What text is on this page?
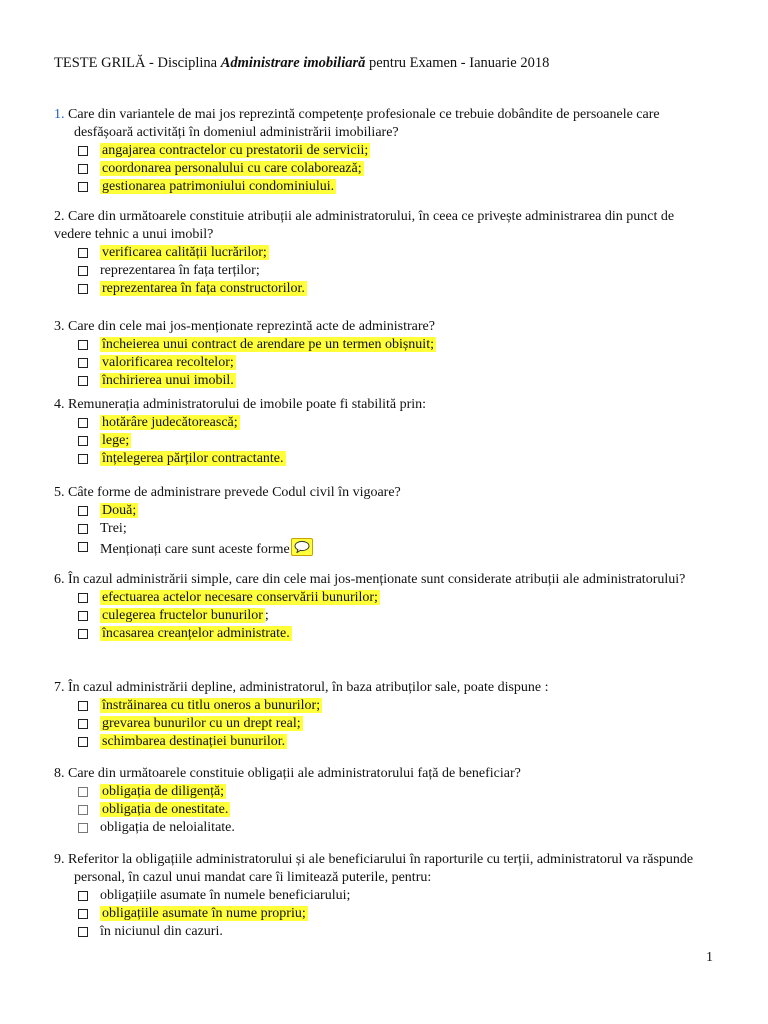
TESTE GRILĂ - Disciplina Administrare imobiliară pentru Examen - Ianuarie 2018

1. Care din variantele de mai jos reprezintă competențe profesionale ce trebuie dobândite de persoanele care desfășoară activități în domeniul administrării imobiliare?

angajarea contractelor cu prestatorii de servicii;
coordonarea personalului cu care colaborează;
gestionarea patrimoniului condominiului.

2. Care din următoarele constituie atribuții ale administratorului, în ceea ce privește administrarea din punct de vedere tehnic a unui imobil?

verificarea calității lucrărilor;
reprezentarea în fața terților;
reprezentarea în fața constructorilor.

3. Care din cele mai jos-menționate reprezintă acte de administrare?

încheierea unui contract de arendare pe un termen obișnuit;
valorificarea recoltelor;
închirierea unui imobil.

4. Remunerația administratorului de imobile poate fi stabilită prin:

hotărâre judecătorească;
lege;
înțelegerea părților contractante.

5. Câte forme de administrare prevede Codul civil în vigoare?

Două;
Trei;
Menționați care sunt aceste forme

6. În cazul administrării simple, care din cele mai jos-menționate sunt considerate atribuții ale administratorului?

efectuarea actelor necesare conservării bunurilor;
culegerea fructelor bunurilor ;
încasarea creanțelor administrate.

7. În cazul administrării depline, administratorul, în baza atribuților sale, poate dispune :

înstrăinarea cu titlu oneros a bunurilor;
grevarea bunurilor cu un drept real;
schimbarea destinației bunurilor.

8. Care din următoarele constituie obligații ale administratorului față de beneficiar?

obligația de diligență;
obligația de onestitate.
obligația de neloialitate.

9. Referitor la obligațiile administratorului și ale beneficiarului în raporturile cu terții, administratorul va răspunde personal, în cazul unui mandat care îi limitează puterile, pentru:

obligațiile asumate în numele beneficiarului;
obligațiile asumate în nume propriu;
în niciunul din cazuri.
1
